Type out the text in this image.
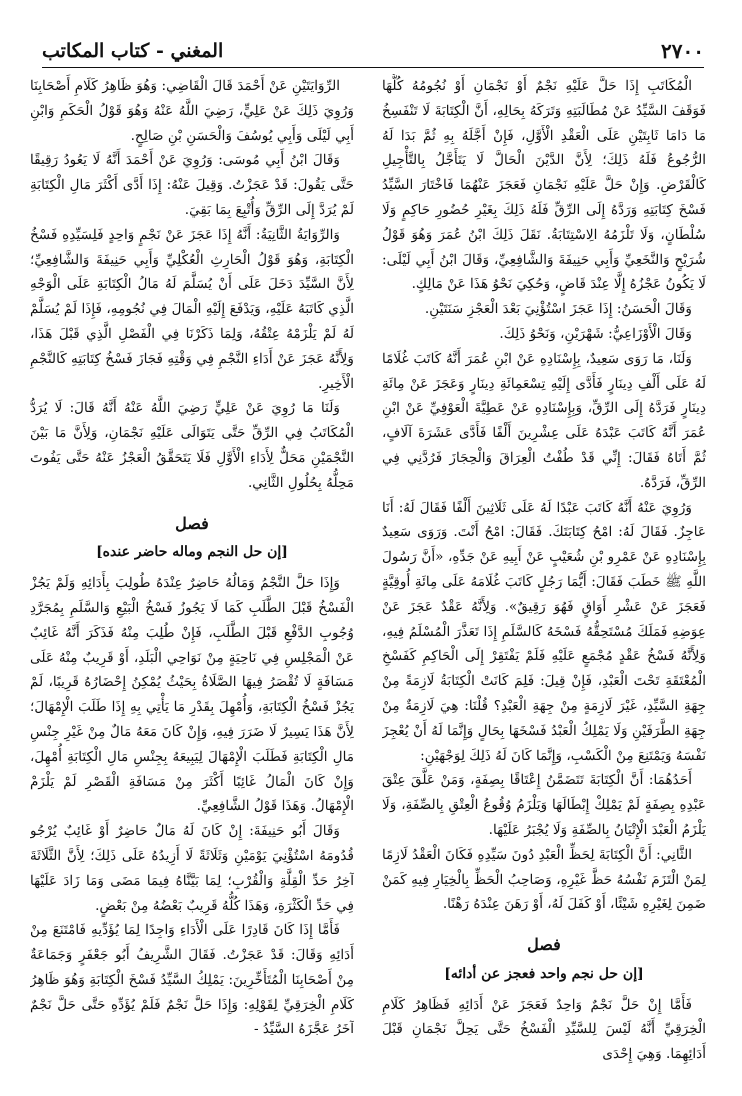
٢٧٠٠
المغني - كتاب المكاتب

الْمُكَاتَبِ إِذَا حَلَّ عَلَيْهِ نَجْمٌ أَوْ نَجْمَانِ أَوْ نُجُومُهُ كُلُّهَا فَوَقَفَ السَّيِّدُ عَنْ مُطَالَبَتِهِ وَتَرَكَهُ بِحَالِهِ، أَنَّ الْكِتَابَةَ لَا تَنْفَسِخُ مَا دَامَا ثَابِتَيْنِ عَلَى الْعَقْدِ الْأَوَّلِ، فَإِنْ أَجَّلَهُ بِهِ ثُمَّ بَدَا لَهُ الرُّجُوعُ فَلَهُ ذَلِكَ؛ لِأَنَّ الدَّيْنَ الْحَالَّ لَا يَتَأَجَّلُ بِالتَّأْجِيلِ كَالْقَرْضِ. وَإِنْ حَلَّ عَلَيْهِ نَجْمَانِ فَعَجَزَ عَنْهُمَا فَاخْتَارَ السَّيِّدُ فَسْخَ كِتَابَتِهِ وَرَدَّهُ إِلَى الرِّقِّ فَلَهُ ذَلِكَ بِغَيْرِ حُضُورِ حَاكِمٍ وَلَا سُلْطَانٍ، وَلَا تَلْزَمُهُ الِاسْتِتَابَةُ. نَقَلَ ذَلِكَ ابْنُ عُمَرَ وَهُوَ قَوْلُ شُرَيْحٍ وَالنَّخَعِيِّ وَأَبِي حَنِيفَةَ وَالشَّافِعِيِّ، وَقَالَ ابْنُ أَبِي لَيْلَى: لَا يَكُونُ عَجْزُهُ إِلَّا عِنْدَ قَاضٍ، وَحُكِيَ نَحْوُ هَذَا عَنْ مَالِكٍ.

وَقَالَ الْحَسَنُ: إِذَا عَجَزَ اسْتُؤْنِيَ بَعْدَ الْعَجْزِ سَنَتَيْنِ.

وَقَالَ الْأَوْزَاعِيُّ: شَهْرَيْنِ، وَنَحْوُ ذَلِكَ.

وَلَنَا، مَا رَوَى سَعِيدٌ، بِإِسْنَادِهِ عَنْ ابْنِ عُمَرَ أَنَّهُ كَاتَبَ غُلَامًا لَهُ عَلَى أَلْفِ دِينَارٍ فَأَدَّى إِلَيْهِ تِسْعَمِائَةِ دِينَارٍ وَعَجَزَ عَنْ مِائَةِ دِينَارٍ فَرَدَّهُ إِلَى الرِّقِّ، وَبِإِسْنَادِهِ عَنْ عَطِيَّةَ الْعَوْفِيِّ عَنْ ابْنِ عُمَرَ أَنَّهُ كَاتَبَ عَبْدَهُ عَلَى عِشْرِينَ أَلْفًا فَأَدَّى عَشَرَةَ آلَافٍ، ثُمَّ أَتَاهُ فَقَالَ: إِنِّي قَدْ طُفْتُ الْعِرَاقَ وَالْحِجَازَ فَرُدَّنِي فِي الرِّقِّ، فَرَدَّهُ.

وَرُوِيَ عَنْهُ أَنَّهُ كَاتَبَ عَبْدًا لَهُ عَلَى ثَلَاثِينَ أَلْفًا فَقَالَ لَهُ: أَنَا عَاجِزٌ. فَقَالَ لَهُ: امْحُ كِتَابَتَكَ. فَقَالَ: امْحُ أَنْتَ. وَرَوَى سَعِيدٌ بِإِسْنَادِهِ عَنْ عَمْرِو بْنِ شُعَيْبٍ عَنْ أَبِيهِ عَنْ جَدِّهِ، «أَنَّ رَسُولَ اللَّهِ ﷺ خَطَبَ فَقَالَ: أَيُّمَا رَجُلٍ كَاتَبَ غُلَامَهُ عَلَى مِائَةِ أُوقِيَّةٍ فَعَجَزَ عَنْ عَشْرِ أَوَاقٍ فَهُوَ رَقِيقٌ». وَلِأَنَّهُ عَقْدٌ عَجَزَ عَنْ عِوَضِهِ فَمَلَكَ مُسْتَحِقُّهُ فَسْخَهُ كَالسَّلَمِ إِذَا تَعَذَّرَ الْمُسْلَمُ فِيهِ، وَلِأَنَّهُ فَسْخُ عَقْدٍ مُجْمَعٍ عَلَيْهِ فَلَمْ يَفْتَقِرْ إِلَى الْحَاكِمِ كَفَسْخِ الْمُعْتَقَةِ تَحْتَ الْعَبْدِ، فَإِنْ قِيلَ: فَلِمَ كَانَتْ الْكِتَابَةُ لَازِمَةً مِنْ جِهَةِ السَّيِّدِ، غَيْرَ لَازِمَةٍ مِنْ جِهَةِ الْعَبْدِ؟ قُلْنَا: هِيَ لَازِمَةٌ مِنْ جِهَةِ الطَّرَفَيْنِ وَلَا يَمْلِكُ الْعَبْدُ فَسْخَهَا بِحَالٍ وَإِنَّمَا لَهُ أَنْ يُعْجِزَ نَفْسَهُ وَيَمْتَنِعَ مِنْ الْكَسْبِ، وَإِنَّمَا كَانَ لَهُ ذَلِكَ لِوَجْهَيْنِ:

أَحَدُهُمَا: أَنَّ الْكِتَابَةَ تَتَضَمَّنُ إِعْتَاقًا بِصِفَةٍ، وَمَنْ عَلَّقَ عِتْقَ عَبْدِهِ بِصِفَةٍ لَمْ يَمْلِكْ إِبْطَالَهَا وَيَلْزَمُ وُقُوعُ الْعِتْقِ بِالصِّفَةِ، وَلَا يَلْزَمُ الْعَبْدَ الْإِتْيَانُ بِالصِّفَةِ وَلَا يُجْبَرُ عَلَيْهَا.

الثَّانِي: أَنَّ الْكِتَابَةَ لِحَظِّ الْعَبْدِ دُونَ سَيِّدِهِ فَكَانَ الْعَقْدُ لَازِمًا لِمَنْ الْتَزَمَ نَفْسُهُ حَظَّ غَيْرِهِ، وَصَاحِبُ الْحَظِّ بِالْخِيَارِ فِيهِ كَمَنْ ضَمِنَ لِغَيْرِهِ شَيْئًا، أَوْ كَفَلَ لَهُ، أَوْ رَهَنَ عِنْدَهُ رَهْنًا.

فصل
[إن حل نجم واحد فعجز عن أدائه]

فَأَمَّا إِنْ حَلَّ نَجْمٌ وَاحِدٌ فَعَجَزَ عَنْ أَدَائِهِ فَظَاهِرُ كَلَامِ الْخِرَقِيِّ أَنَّهُ لَيْسَ لِلسَّيِّدِ الْفَسْخُ حَتَّى يَحِلَّ نَجْمَانِ قَبْلَ أَدَائِهِمَا. وَهِيَ إِحْدَى

الرِّوَايَتَيْنِ عَنْ أَحْمَدَ قَالَ الْقَاضِي: وَهُوَ ظَاهِرُ كَلَامِ أَصْحَابِنَا وَرُوِيَ ذَلِكَ عَنْ عَلِيٍّ، رَضِيَ اللَّهُ عَنْهُ وَهُوَ قَوْلُ الْحَكَمِ وَابْنِ أَبِي لَيْلَى وَأَبِي يُوسُفَ وَالْحَسَنِ بْنِ صَالِحٍ.

وَقَالَ ابْنُ أَبِي مُوسَى: وَرُوِيَ عَنْ أَحْمَدَ أَنَّهُ لَا يَعُودُ رَقِيقًا حَتَّى يَقُولَ: قَدْ عَجَزْتُ. وَقِيلَ عَنْهُ: إِذَا أَدَّى أَكْثَرَ مَالِ الْكِتَابَةِ لَمْ يُرَدَّ إِلَى الرِّقِّ وَأُتْبِعَ بِمَا بَقِيَ.

وَالرِّوَايَةُ الثَّانِيَةُ: أَنَّهُ إِذَا عَجَزَ عَنْ نَجْمٍ وَاحِدٍ فَلِسَيِّدِهِ فَسْخُ الْكِتَابَةِ، وَهُوَ قَوْلُ الْحَارِثِ الْعُكْلِيِّ وَأَبِي حَنِيفَةَ وَالشَّافِعِيِّ؛ لِأَنَّ السَّيِّدَ دَخَلَ عَلَى أَنْ يُسَلَّمَ لَهُ مَالُ الْكِتَابَةِ عَلَى الْوَجْهِ الَّذِي كَاتَبَهُ عَلَيْهِ، وَيَدْفَعَ إِلَيْهِ الْمَالَ فِي نُجُومِهِ، فَإِذَا لَمْ يُسَلَّمْ لَهُ لَمْ يَلْزَمْهُ عِتْقُهُ، وَلِمَا ذَكَرْنَا فِي الْفَصْلِ الَّذِي قَبْلَ هَذَا، وَلِأَنَّهُ عَجَزَ عَنْ أَدَاءِ النَّجْمِ فِي وَقْتِهِ فَجَازَ فَسْخُ كِتَابَتِهِ كَالنَّجْمِ الْأَخِيرِ.

وَلَنَا مَا رُوِيَ عَنْ عَلِيٍّ رَضِيَ اللَّهُ عَنْهُ أَنَّهُ قَالَ: لَا يُرَدُّ الْمُكَاتَبُ فِي الرِّقِّ حَتَّى يَتَوَالَى عَلَيْهِ نَجْمَانِ، وَلِأَنَّ مَا بَيْنَ النَّجْمَيْنِ مَحَلٌّ لِأَدَاءِ الْأَوَّلِ فَلَا يَتَحَقَّقُ الْعَجْزُ عَنْهُ حَتَّى يَفُوتَ مَحِلُّهُ بِحُلُولِ الثَّانِي.

فصل
[إن حل النجم وماله حاضر عنده]

وَإِذَا حَلَّ النَّجْمُ وَمَالُهُ حَاضِرٌ عِنْدَهُ طُولِبَ بِأَدَائِهِ وَلَمْ يَجُزْ الْفَسْخُ قَبْلَ الطَّلَبِ كَمَا لَا يَجُوزُ فَسْخُ الْبَيْعِ وَالسَّلَمِ بِمُجَرَّدِ وُجُوبِ الدَّفْعِ قَبْلَ الطَّلَبِ، فَإِنْ طُلِبَ مِنْهُ فَذَكَرَ أَنَّهُ غَائِبٌ عَنْ الْمَجْلِسِ فِي نَاحِيَةٍ مِنْ نَوَاحِي الْبَلَدِ، أَوْ قَرِيبٌ مِنْهُ عَلَى مَسَافَةٍ لَا تُقْصَرُ فِيهَا الصَّلَاةُ بِحَيْثُ يُمْكِنُ إِحْضَارُهُ قَرِيبًا، لَمْ يَجُزْ فَسْخُ الْكِتَابَةِ، وَأُمْهِلَ بِقَدْرِ مَا يَأْتِي بِهِ إِذَا طَلَبَ الْإِمْهَالَ؛ لِأَنَّ هَذَا يَسِيرٌ لَا ضَرَرَ فِيهِ، وَإِنْ كَانَ مَعَهُ مَالٌ مِنْ غَيْرِ جِنْسِ مَالِ الْكِتَابَةِ فَطَلَبَ الْإِمْهَالَ لِيَبِيعَهُ بِجِنْسِ مَالِ الْكِتَابَةِ أُمْهِلَ، وَإِنْ كَانَ الْمَالُ غَائِبًا أَكْثَرَ مِنْ مَسَافَةِ الْقَصْرِ لَمْ يَلْزَمْ الْإِمْهَالُ. وَهَذَا قَوْلُ الشَّافِعِيِّ.

وَقَالَ أَبُو حَنِيفَةَ: إِنْ كَانَ لَهُ مَالٌ حَاضِرٌ أَوْ غَائِبٌ يُرْجُو قُدُومَهُ اسْتُؤْنِيَ يَوْمَيْنِ وَثَلَاثَةً لَا أَزِيدُهُ عَلَى ذَلِكَ؛ لِأَنَّ الثَّلَاثَةَ آخِرُ حَدِّ الْقِلَّةِ وَالْقُرْبِ؛ لِمَا بَيَّنَّاهُ فِيمَا مَضَى وَمَا زَادَ عَلَيْهَا فِي حَدِّ الْكَثْرَةِ، وَهَذَا كُلُّهُ قَرِيبٌ بَعْضُهُ مِنْ بَعْضٍ.

فَأَمَّا إِذَا كَانَ قَادِرًا عَلَى الْأَدَاءِ وَاجِدًا لِمَا يُؤَدِّيهِ فَامْتَنَعَ مِنْ أَدَائِهِ وَقَالَ: قَدْ عَجَزْتُ. فَقَالَ الشَّرِيفُ أَبُو جَعْفَرٍ وَجَمَاعَةٌ مِنْ أَصْحَابِنَا الْمُتَأَخِّرِينَ: يَمْلِكُ السَّيِّدُ فَسْخَ الْكِتَابَةِ وَهُوَ ظَاهِرُ كَلَامِ الْخِرَقِيِّ لِقَوْلِهِ: وَإِذَا حَلَّ نَجْمٌ فَلَمْ يُؤَدِّهِ حَتَّى حَلَّ نَجْمٌ آخَرُ عَجَّزَهُ السَّيِّدُ -
